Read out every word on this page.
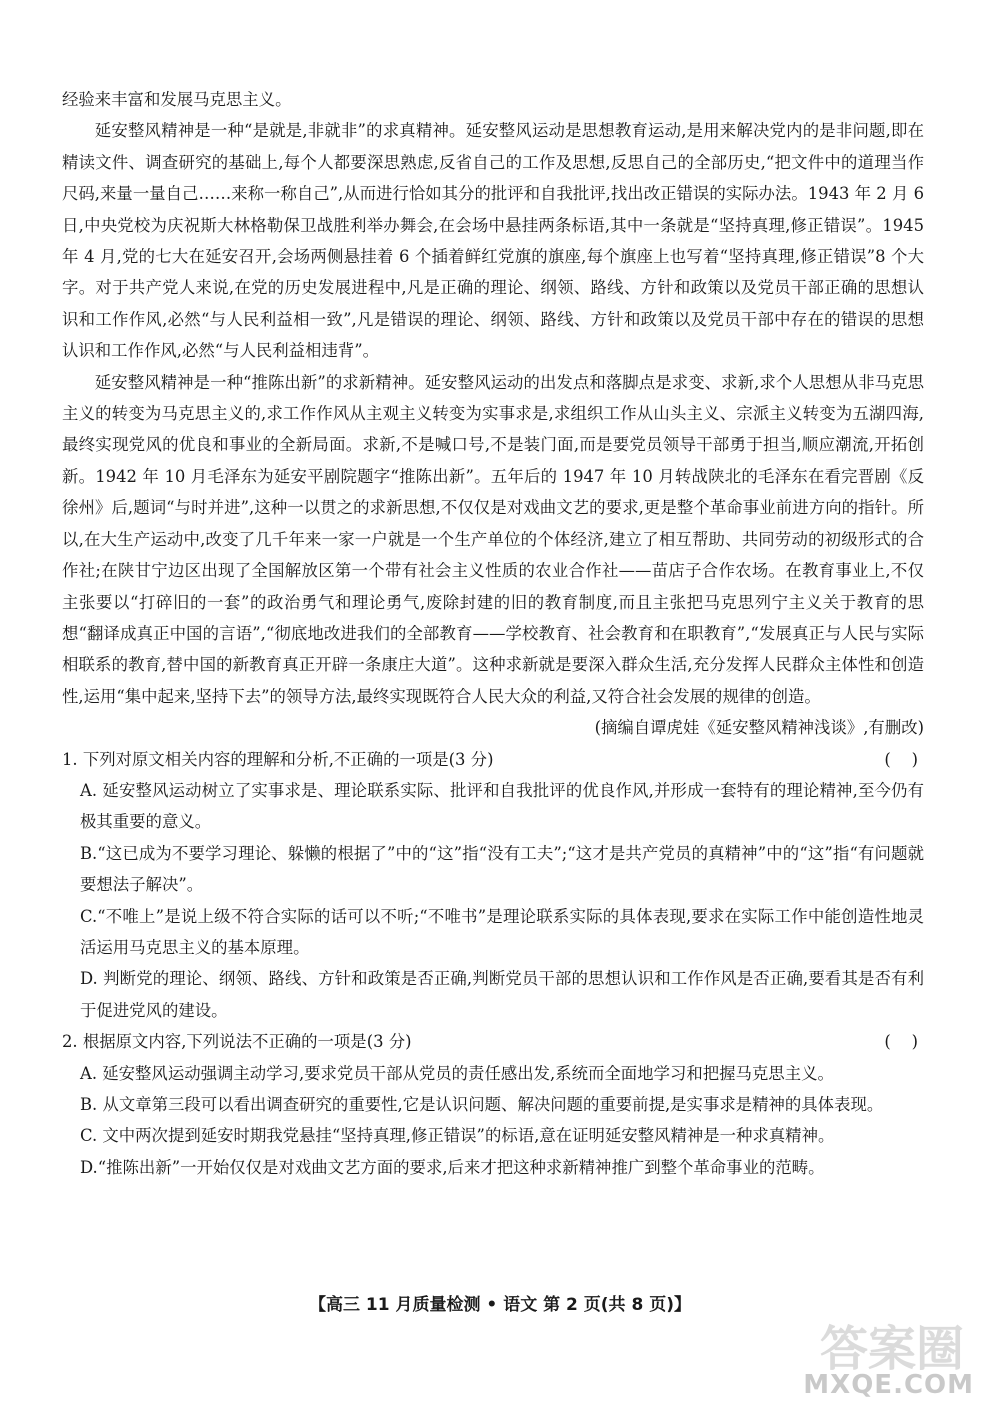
经验来丰富和发展马克思主义。

延安整风精神是一种“是就是,非就非”的求真精神。延安整风运动是思想教育运动,是用来解决党内的是非问题,即在精读文件、调查研究的基础上,每个人都要深思熟虑,反省自己的工作及思想,反思自己的全部历史,“把文件中的道理当作尺码,来量一量自己……来称一称自己”,从而进行恰如其分的批评和自我批评,找出改正错误的实际办法。1943 年 2 月 6 日,中央党校为庆祝斯大林格勒保卫战胜利举办舞会,在会场中悬挂两条标语,其中一条就是“坚持真理,修正错误”。1945 年 4 月,党的七大在延安召开,会场两侧悬挂着 6 个插着鲜红党旗的旗座,每个旗座上也写着“坚持真理,修正错误”8 个大字。对于共产党人来说,在党的历史发展进程中,凡是正确的理论、纲领、路线、方针和政策以及党员干部正确的思想认识和工作作风,必然“与人民利益相一致”,凡是错误的理论、纲领、路线、方针和政策以及党员干部中存在的错误的思想认识和工作作风,必然“与人民利益相违背”。

延安整风精神是一种“推陈出新”的求新精神。延安整风运动的出发点和落脚点是求变、求新,求个人思想从非马克思主义的转变为马克思主义的,求工作作风从主观主义转变为实事求是,求组织工作从山头主义、宗派主义转变为五湖四海,最终实现党风的优良和事业的全新局面。求新,不是喊口号,不是装门面,而是要党员领导干部勇于担当,顺应潮流,开拓创新。1942 年 10 月毛泽东为延安平剧院题字“推陈出新”。五年后的 1947 年 10 月转战陕北的毛泽东在看完晋剧《反徐州》后,题词“与时并进”,这种一以贯之的求新思想,不仅仅是对戏曲文艺的要求,更是整个革命事业前进方向的指针。所以,在大生产运动中,改变了几千年来一家一户就是一个生产单位的个体经济,建立了相互帮助、共同劳动的初级形式的合作社;在陕甘宁边区出现了全国解放区第一个带有社会主义性质的农业合作社——苗店子合作农场。在教育事业上,不仅主张要以“打碎旧的一套”的政治勇气和理论勇气,废除封建的旧的教育制度,而且主张把马克思列宁主义关于教育的思想“翻译成真正中国的言语”,“彻底地改进我们的全部教育——学校教育、社会教育和在职教育”,“发展真正与人民与实际相联系的教育,替中国的新教育真正开辟一条康庄大道”。这种求新就是要深入群众生活,充分发挥人民群众主体性和创造性,运用“集中起来,坚持下去”的领导方法,最终实现既符合人民大众的利益,又符合社会发展的规律的创造。

(摘编自谭虎娃《延安整风精神浅谈》,有删改)

1. 下列对原文相关内容的理解和分析,不正确的一项是(3 分)	(    )

A. 延安整风运动树立了实事求是、理论联系实际、批评和自我批评的优良作风,并形成一套特有的理论精神,至今仍有极其重要的意义。

B.“这已成为不要学习理论、躲懒的根据了”中的“这”指“没有工夫”;“这才是共产党员的真精神”中的“这”指“有问题就要想法子解决”。

C.“不唯上”是说上级不符合实际的话可以不听;“不唯书”是理论联系实际的具体表现,要求在实际工作中能创造性地灵活运用马克思主义的基本原理。

D. 判断党的理论、纲领、路线、方针和政策是否正确,判断党员干部的思想认识和工作作风是否正确,要看其是否有利于促进党风的建设。

2. 根据原文内容,下列说法不正确的一项是(3 分)	(    )

A. 延安整风运动强调主动学习,要求党员干部从党员的责任感出发,系统而全面地学习和把握马克思主义。

B. 从文章第三段可以看出调查研究的重要性,它是认识问题、解决问题的重要前提,是实事求是精神的具体表现。

C. 文中两次提到延安时期我党悬挂“坚持真理,修正错误”的标语,意在证明延安整风精神是一种求真精神。

D.“推陈出新”一开始仅仅是对戏曲文艺方面的要求,后来才把这种求新精神推广到整个革命事业的范畴。

【高三 11 月质量检测 • 语文 第 2 页(共 8 页)】
答案圈
MXQE.COM
